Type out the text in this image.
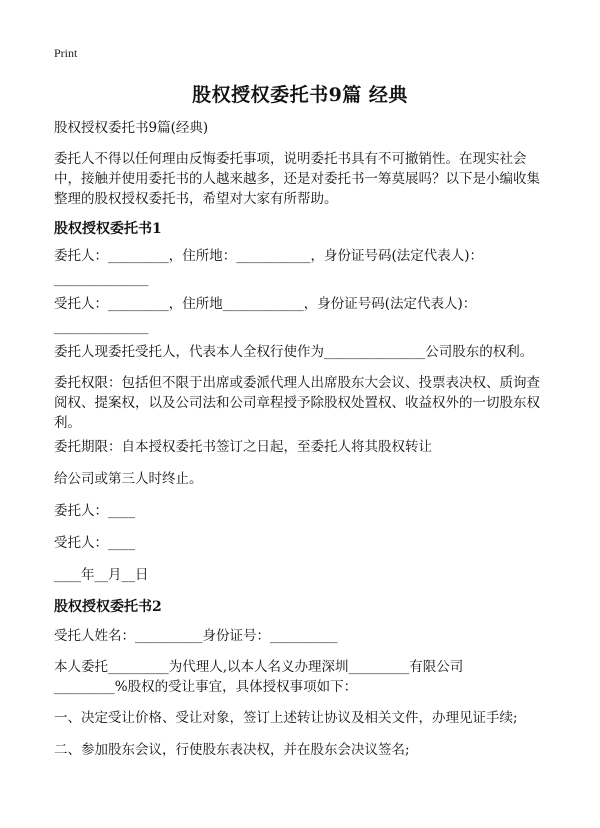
Print
股权授权委托书9篇 经典
股权授权委托书9篇(经典)
委托人不得以任何理由反悔委托事项，说明委托书具有不可撤销性。在现实社会中，接触并使用委托书的人越来越多，还是对委托书一筹莫展吗？以下是小编收集整理的股权授权委托书，希望对大家有所帮助。
股权授权委托书1
委托人：_________，住所地：___________，身份证号码(法定代表人)：
______________
受托人：_________，住所地____________，身份证号码(法定代表人)：
______________
委托人现委托受托人，代表本人全权行使作为_______________公司股东的权利。
委托权限：包括但不限于出席或委派代理人出席股东大会议、投票表决权、质询查阅权、提案权，以及公司法和公司章程授予除股权处置权、收益权外的一切股东权利。
委托期限：自本授权委托书签订之日起，至委托人将其股权转让
给公司或第三人时终止。
委托人：____
受托人：____
____年__月__日
股权授权委托书2
受托人姓名：__________身份证号：__________
本人委托_________为代理人,以本人名义办理深圳_________有限公司
_________%股权的受让事宜，具体授权事项如下：
一、决定受让价格、受让对象，签订上述转让协议及相关文件，办理见证手续;
二、参加股东会议，行使股东表决权，并在股东会决议签名;
